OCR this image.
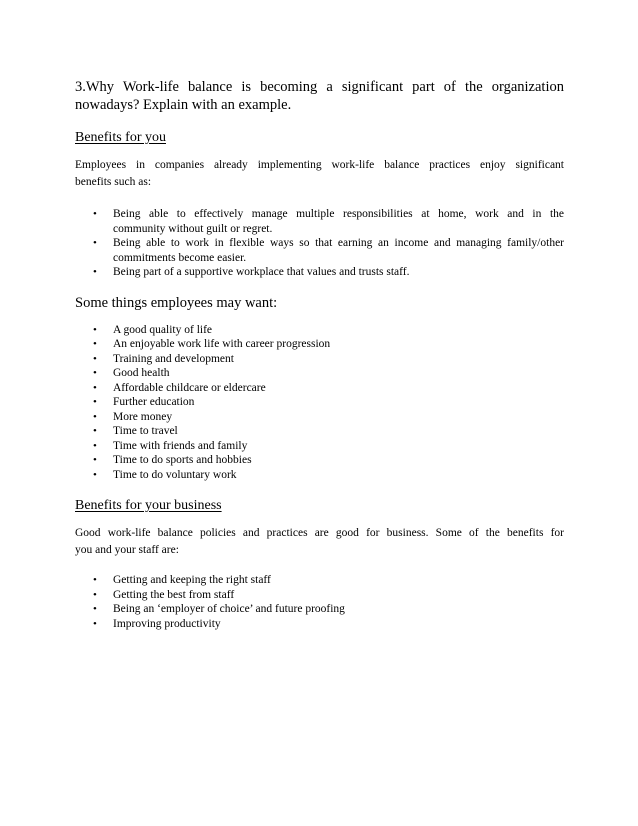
3.Why Work-life balance is becoming a significant part of the organization
nowadays? Explain with an example.

Benefits for you

Employees in companies already implementing work-life balance practices enjoy significant
benefits such as:

• Being able to effectively manage multiple responsibilities at home, work and in the
community without guilt or regret.
• Being able to work in flexible ways so that earning an income and managing family/other
commitments become easier.
• Being part of a supportive workplace that values and trusts staff.

Some things employees may want:

• A good quality of life
• An enjoyable work life with career progression
• Training and development
• Good health
• Affordable childcare or eldercare
• Further education
• More money
• Time to travel
• Time with friends and family
• Time to do sports and hobbies
• Time to do voluntary work

Benefits for your business

Good work-life balance policies and practices are good for business. Some of the benefits for
you and your staff are:

• Getting and keeping the right staff
• Getting the best from staff
• Being an ‘employer of choice’ and future proofing
• Improving productivity
